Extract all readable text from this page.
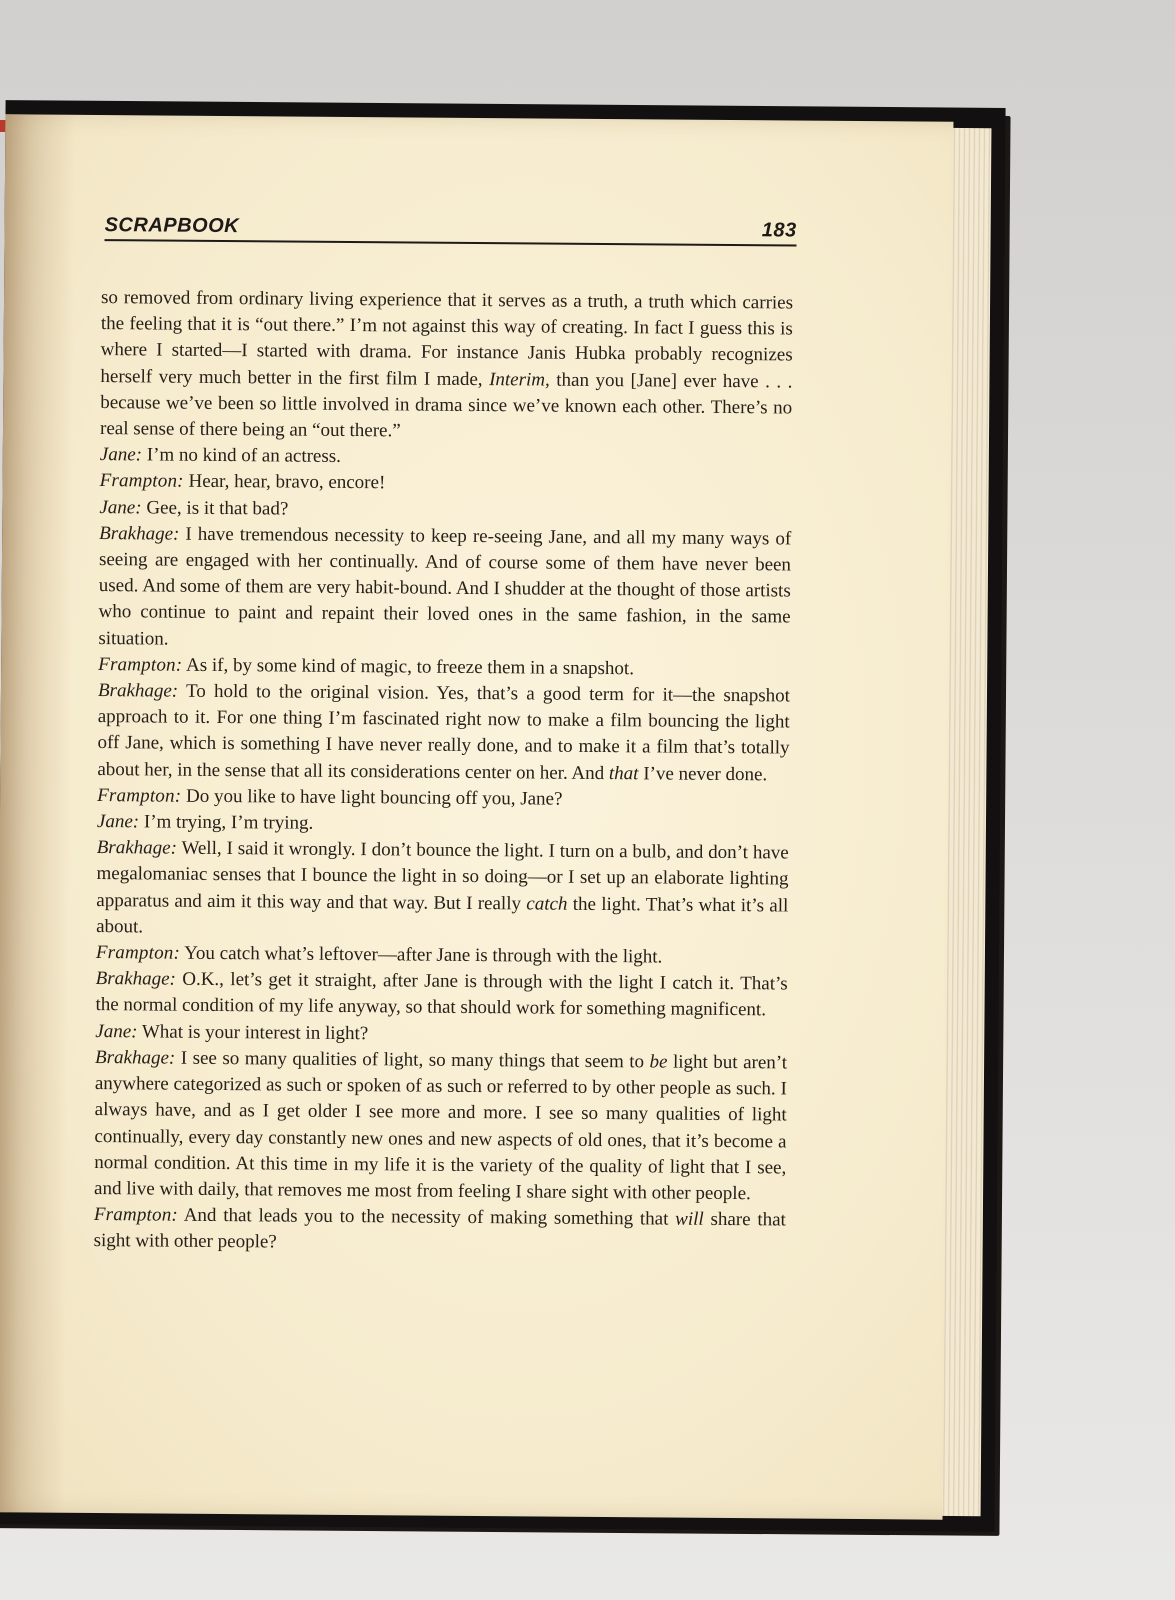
SCRAPBOOK	183

so removed from ordinary living experience that it serves as a truth, a truth which carries the feeling that it is “out there.” I’m not against this way of creating. In fact I guess this is where I started—I started with drama. For instance Janis Hubka probably recognizes herself very much better in the first film I made, Interim, than you [Jane] ever have . . . because we’ve been so little involved in drama since we’ve known each other. There’s no real sense of there being an “out there.”

Jane: I’m no kind of an actress.

Frampton: Hear, hear, bravo, encore!

Jane: Gee, is it that bad?

Brakhage: I have tremendous necessity to keep re-seeing Jane, and all my many ways of seeing are engaged with her continually. And of course some of them have never been used. And some of them are very habit-bound. And I shudder at the thought of those artists who continue to paint and repaint their loved ones in the same fashion, in the same situation.

Frampton: As if, by some kind of magic, to freeze them in a snapshot.

Brakhage: To hold to the original vision. Yes, that’s a good term for it—the snapshot approach to it. For one thing I’m fascinated right now to make a film bouncing the light off Jane, which is something I have never really done, and to make it a film that’s totally about her, in the sense that all its considerations center on her. And that I’ve never done.

Frampton: Do you like to have light bouncing off you, Jane?

Jane: I’m trying, I’m trying.

Brakhage: Well, I said it wrongly. I don’t bounce the light. I turn on a bulb, and don’t have megalomaniac senses that I bounce the light in so doing—or I set up an elaborate lighting apparatus and aim it this way and that way. But I really catch the light. That’s what it’s all about.

Frampton: You catch what’s leftover—after Jane is through with the light.

Brakhage: O.K., let’s get it straight, after Jane is through with the light I catch it. That’s the normal condition of my life anyway, so that should work for something magnificent.

Jane: What is your interest in light?

Brakhage: I see so many qualities of light, so many things that seem to be light but aren’t anywhere categorized as such or spoken of as such or referred to by other people as such. I always have, and as I get older I see more and more. I see so many qualities of light continually, every day constantly new ones and new aspects of old ones, that it’s become a normal condition. At this time in my life it is the variety of the quality of light that I see, and live with daily, that removes me most from feeling I share sight with other people.

Frampton: And that leads you to the necessity of making something that will share that sight with other people?
